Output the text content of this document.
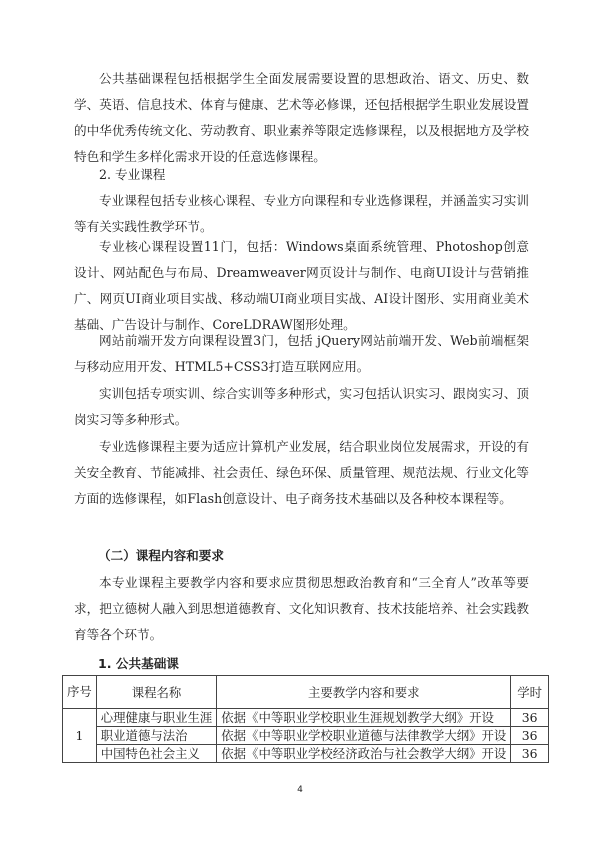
公共基础课程包括根据学生全面发展需要设置的思想政治、语文、历史、数学、英语、信息技术、体育与健康、艺术等必修课，还包括根据学生职业发展设置的中华优秀传统文化、劳动教育、职业素养等限定选修课程，以及根据地方及学校特色和学生多样化需求开设的任意选修课程。

2. 专业课程

专业课程包括专业核心课程、专业方向课程和专业选修课程，并涵盖实习实训等有关实践性教学环节。

专业核心课程设置11门，包括：Windows桌面系统管理、Photoshop创意设计、网站配色与布局、Dreamweaver网页设计与制作、电商UI设计与营销推广、网页UI商业项目实战、移动端UI商业项目实战、AI设计图形、实用商业美术基础、广告设计与制作、CoreLDRAW图形处理。

网站前端开发方向课程设置3门，包括 jQuery网站前端开发、Web前端框架与移动应用开发、HTML5+CSS3打造互联网应用。

实训包括专项实训、综合实训等多种形式，实习包括认识实习、跟岗实习、顶岗实习等多种形式。

专业选修课程主要为适应计算机产业发展，结合职业岗位发展需求，开设的有关安全教育、节能减排、社会责任、绿色环保、质量管理、规范法规、行业文化等方面的选修课程，如Flash创意设计、电子商务技术基础以及各种校本课程等。

（二）课程内容和要求

本专业课程主要教学内容和要求应贯彻思想政治教育和“三全育人”改革等要求，把立德树人融入到思想道德教育、文化知识教育、技术技能培养、社会实践教育等各个环节。

1. 公共基础课

序号	课程名称	主要教学内容和要求	学时
1	心理健康与职业生涯	依据《中等职业学校职业生涯规划教学大纲》开设	36
	职业道德与法治	依据《中等职业学校职业道德与法律教学大纲》开设	36
	中国特色社会主义	依据《中等职业学校经济政治与社会教学大纲》开设	36
4
